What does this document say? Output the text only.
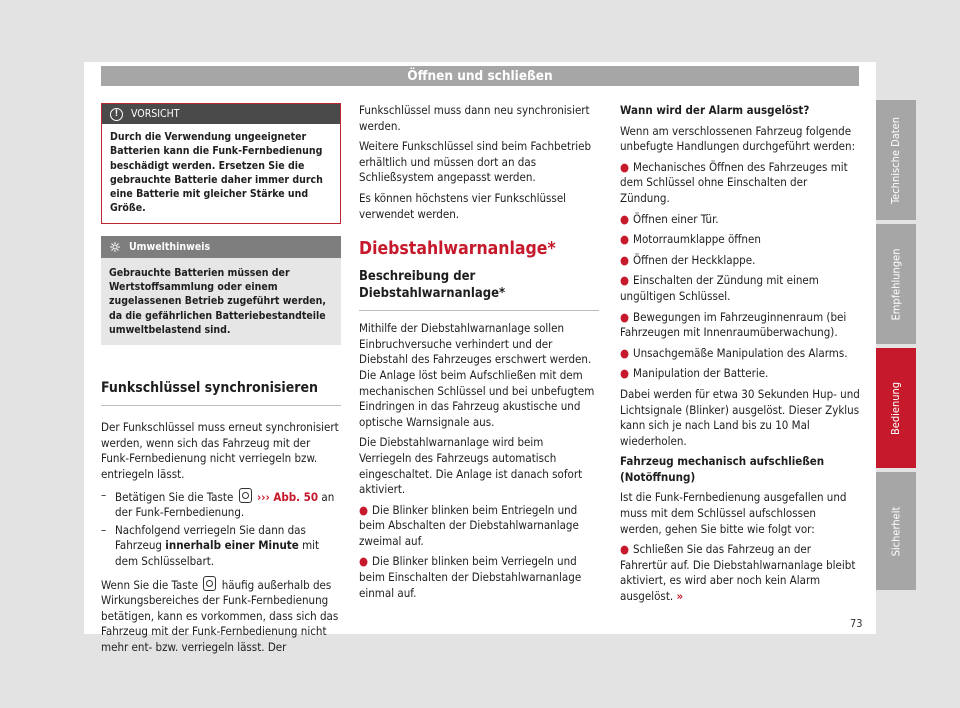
Öffnen und schließen
!	VORSICHT
Durch die Verwendung ungeeigneter Batterien kann die Funk-Fernbedienung beschädigt werden. Ersetzen Sie die gebrauchte Batterie daher immer durch eine Batterie mit gleicher Stärke und Größe.
Umwelthinweis
Gebrauchte Batterien müssen der Wertstoffsammlung oder einem zugelassenen Betrieb zugeführt werden, da die gefährlichen Batteriebestandteile umweltbelastend sind.
Funkschlüssel synchronisieren

Der Funkschlüssel muss erneut synchronisiert werden, wenn sich das Fahrzeug mit der Funk-Fernbedienung nicht verriegeln bzw. entriegeln lässt.

– Betätigen Sie die Taste ››› Abb. 50 an der Funk-Fernbedienung.
– Nachfolgend verriegeln Sie dann das Fahrzeug innerhalb einer Minute mit dem Schlüsselbart.

Wenn Sie die Taste häufig außerhalb des Wirkungsbereiches der Funk-Fernbedienung betätigen, kann es vorkommen, dass sich das Fahrzeug mit der Funk-Fernbedienung nicht mehr ent- bzw. verriegeln lässt. Der

Funkschlüssel muss dann neu synchronisiert werden.

Weitere Funkschlüssel sind beim Fachbetrieb erhältlich und müssen dort an das Schließsystem angepasst werden.

Es können höchstens vier Funkschlüssel verwendet werden.

Diebstahlwarnanlage*
Beschreibung der Diebstahlwarnanlage*

Mithilfe der Diebstahlwarnanlage sollen Einbruchversuche verhindert und der Diebstahl des Fahrzeuges erschwert werden. Die Anlage löst beim Aufschließen mit dem mechanischen Schlüssel und bei unbefugtem Eindringen in das Fahrzeug akustische und optische Warnsignale aus.

Die Diebstahlwarnanlage wird beim Verriegeln des Fahrzeugs automatisch eingeschaltet. Die Anlage ist danach sofort aktiviert.

● Die Blinker blinken beim Entriegeln und beim Abschalten der Diebstahlwarnanlage zweimal auf.

● Die Blinker blinken beim Verriegeln und beim Einschalten der Diebstahlwarnanlage einmal auf.

Wann wird der Alarm ausgelöst?

Wenn am verschlossenen Fahrzeug folgende unbefugte Handlungen durchgeführt werden:

● Mechanisches Öffnen des Fahrzeuges mit dem Schlüssel ohne Einschalten der Zündung.

● Öffnen einer Tür.

● Motorraumklappe öffnen

● Öffnen der Heckklappe.

● Einschalten der Zündung mit einem ungültigen Schlüssel.

● Bewegungen im Fahrzeuginnenraum (bei Fahrzeugen mit Innenraumüberwachung).

● Unsachgemäße Manipulation des Alarms.

● Manipulation der Batterie.

Dabei werden für etwa 30 Sekunden Hup- und Lichtsignale (Blinker) ausgelöst. Dieser Zyklus kann sich je nach Land bis zu 10 Mal wiederholen.

Fahrzeug mechanisch aufschließen (Notöffnung)

Ist die Funk-Fernbedienung ausgefallen und muss mit dem Schlüssel aufschlossen werden, gehen Sie bitte wie folgt vor:

● Schließen Sie das Fahrzeug an der Fahrertür auf. Die Diebstahlwarnanlage bleibt aktiviert, es wird aber noch kein Alarm ausgelöst. »

Technische Daten
Empfehlungen
Bedienung
Sicherheit
73
